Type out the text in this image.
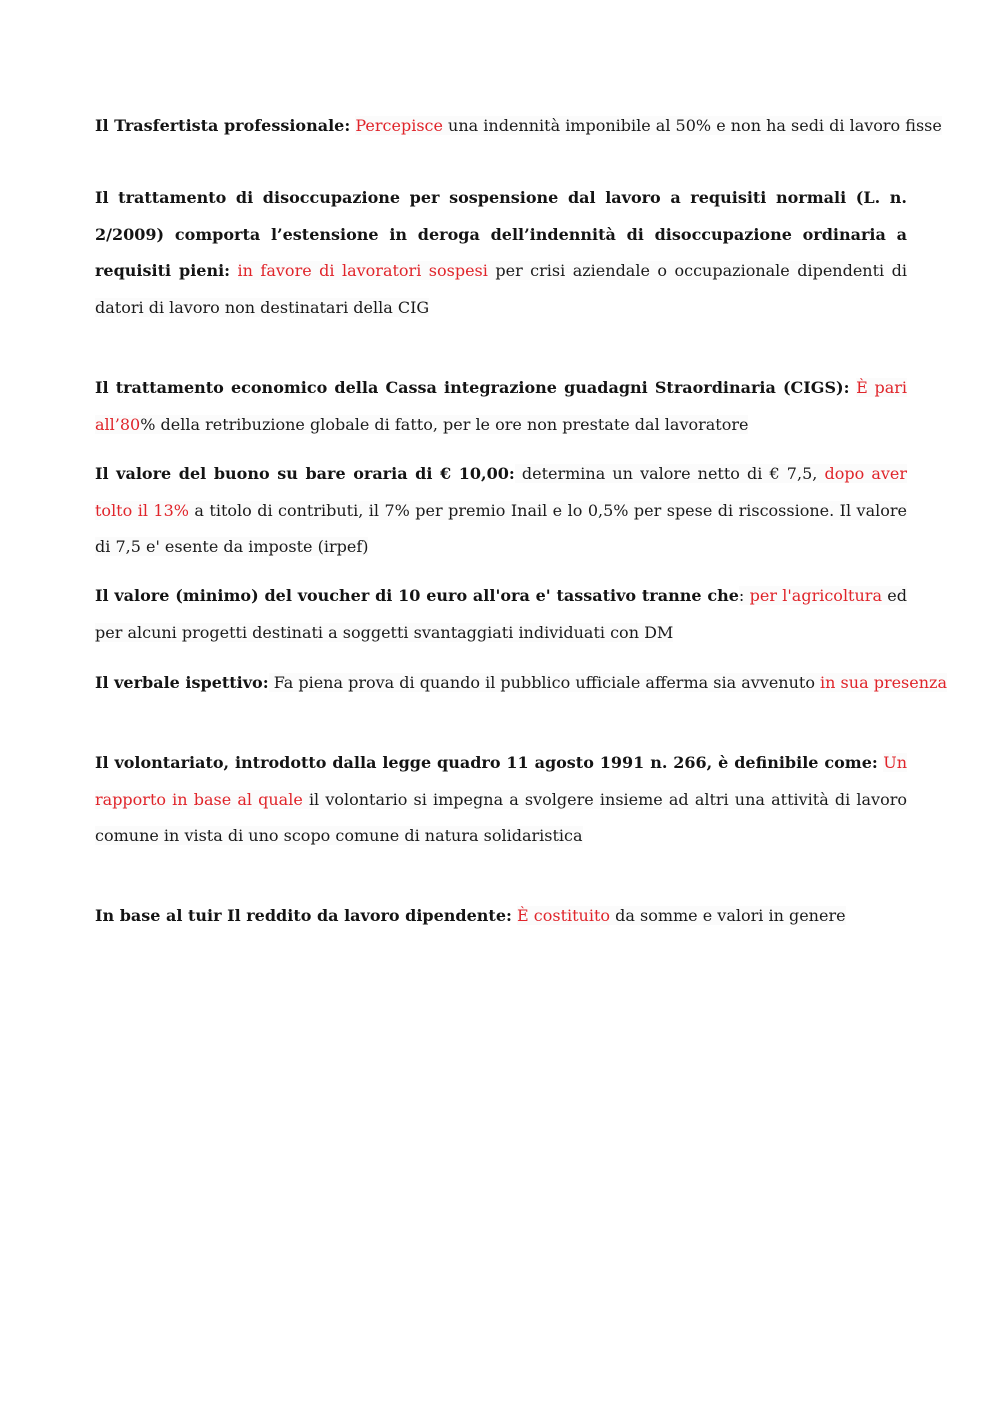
Il Trasfertista professionale: Percepisce una indennità imponibile al 50% e non ha sedi di lavoro fisse

Il trattamento di disoccupazione per sospensione dal lavoro a requisiti normali (L. n. 2/2009) comporta l’estensione in deroga dell’indennità di disoccupazione ordinaria a requisiti pieni: in favore di lavoratori sospesi per crisi aziendale o occupazionale dipendenti di datori di lavoro non destinatari della CIG

Il trattamento economico della Cassa integrazione guadagni Straordinaria (CIGS): È pari all’80% della retribuzione globale di fatto, per le ore non prestate dal lavoratore

Il valore del buono su bare oraria di € 10,00: determina un valore netto di € 7,5, dopo aver tolto il 13% a titolo di contributi, il 7% per premio Inail e lo 0,5% per spese di riscossione. Il valore di 7,5 e' esente da imposte (irpef)

Il valore (minimo) del voucher di 10 euro all'ora e' tassativo tranne che: per l'agricoltura ed per alcuni progetti destinati a soggetti svantaggiati individuati con DM

Il verbale ispettivo: Fa piena prova di quando il pubblico ufficiale afferma sia avvenuto in sua presenza

Il volontariato, introdotto dalla legge quadro 11 agosto 1991 n. 266, è definibile come: Un rapporto in base al quale il volontario si impegna a svolgere insieme ad altri una attività di lavoro comune in vista di uno scopo comune di natura solidaristica

In base al tuir Il reddito da lavoro dipendente: È costituito da somme e valori in genere
